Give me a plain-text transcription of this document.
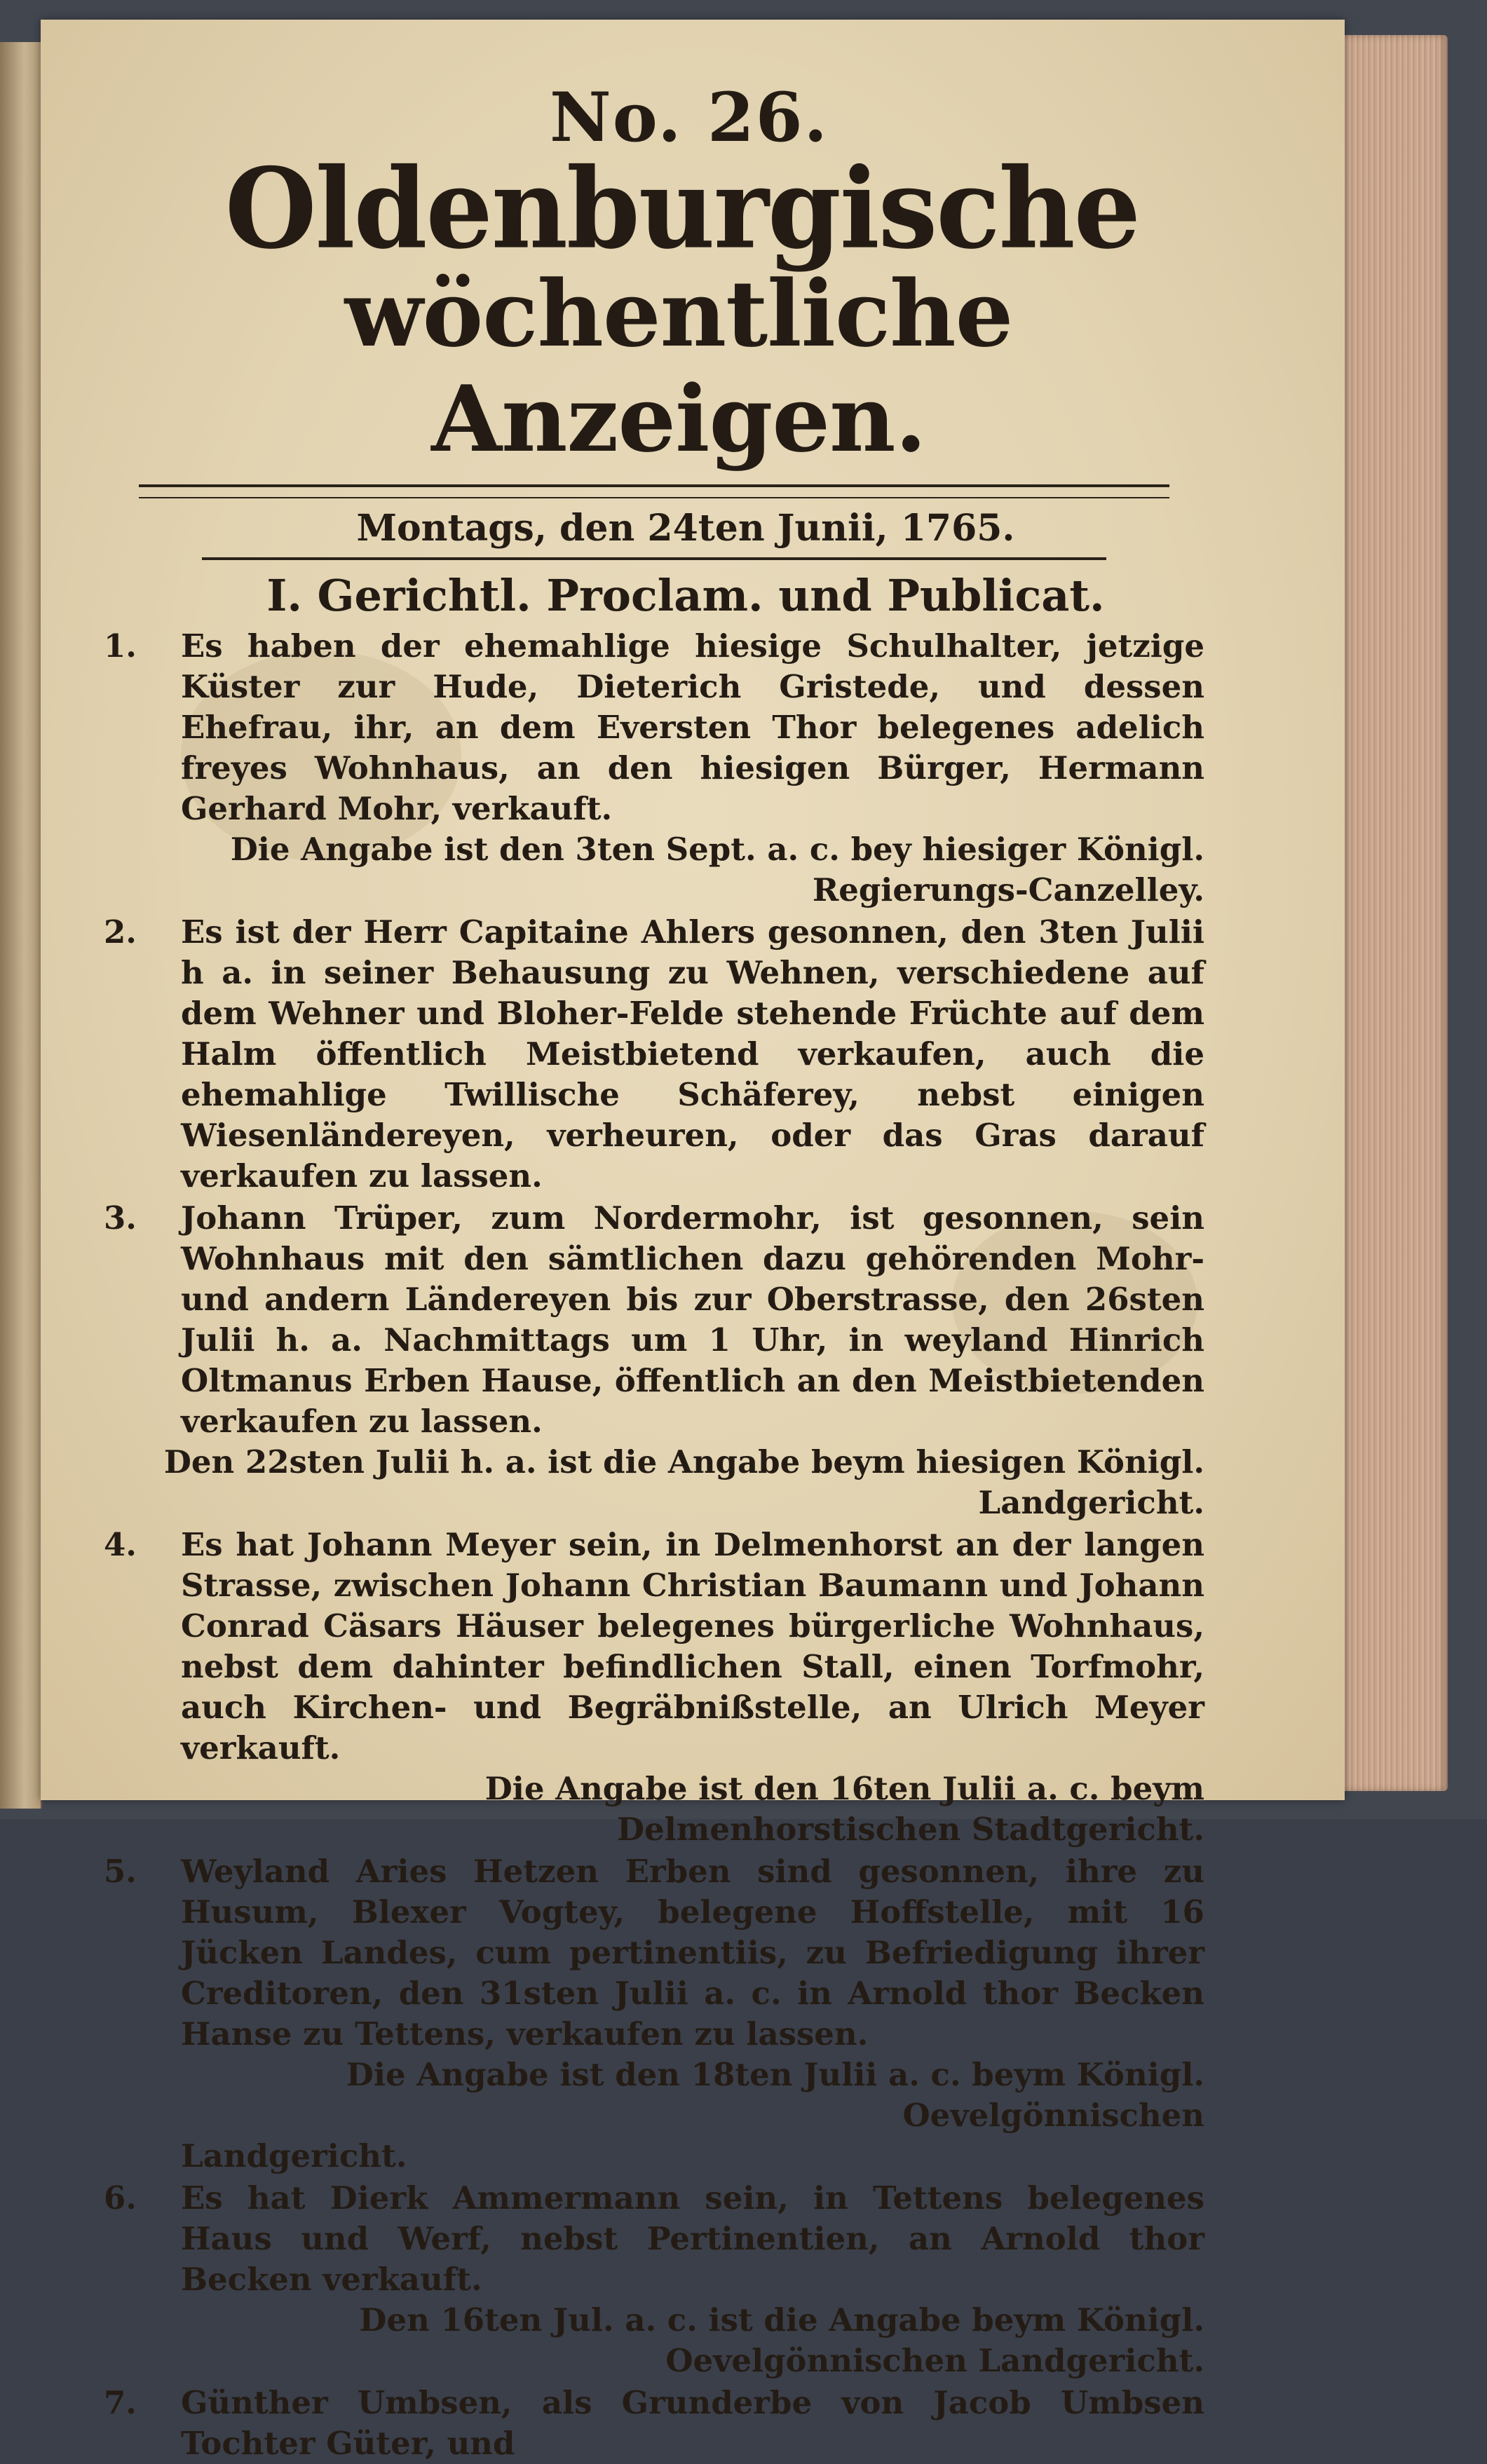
No. 26.
Oldenburgische
wöchentliche Anzeigen.
Montags, den 24ten Junii, 1765.
I. Gerichtl. Proclam. und Publicat.
1.	Es haben der ehemahlige hiesige Schulhalter, jetzige Küster zur Hude, Dieterich Gristede, und dessen Ehefrau, ihr, an dem Eversten Thor belegenes adelich freyes Wohnhaus, an den hiesigen Bürger, Hermann Gerhard Mohr, verkauft.
Die Angabe ist den 3ten Sept. a. c. bey hiesiger Königl. Regierungs-Canzelley.
2.	Es ist der Herr Capitaine Ahlers gesonnen, den 3ten Julii h a. in seiner Behausung zu Wehnen, verschiedene auf dem Wehner und Bloher-Felde stehende Früchte auf dem Halm öffentlich Meistbietend verkaufen, auch die ehemahlige Twillische Schäferey, nebst einigen Wiesenländereyen, verheuren, oder das Gras darauf verkaufen zu lassen.
3.	Johann Trüper, zum Nordermohr, ist gesonnen, sein Wohnhaus mit den sämtlichen dazu gehörenden Mohr- und andern Ländereyen bis zur Oberstrasse, den 26sten Julii h. a. Nachmittags um 1 Uhr, in weyland Hinrich Oltmanus Erben Hause, öffentlich an den Meistbietenden verkaufen zu lassen.
Den 22sten Julii h. a. ist die Angabe beym hiesigen Königl. Landgericht.
4.	Es hat Johann Meyer sein, in Delmenhorst an der langen Strasse, zwischen Johann Christian Baumann und Johann Conrad Cäsars Häuser belegenes bürgerliche Wohnhaus, nebst dem dahinter befindlichen Stall, einen Torfmohr, auch Kirchen- und Begräbnißstelle, an Ulrich Meyer verkauft.
Die Angabe ist den 16ten Julii a. c. beym Delmenhorstischen Stadtgericht.
5.	Weyland Aries Hetzen Erben sind gesonnen, ihre zu Husum, Blexer Vogtey, belegene Hoffstelle, mit 16 Jücken Landes, cum pertinentiis, zu Befriedigung ihrer Creditoren, den 31sten Julii a. c. in Arnold thor Becken Hanse zu Tettens, verkaufen zu lassen.
Die Angabe ist den 18ten Julii a. c. beym Königl. Oevelgönnischen
Landgericht.
6.	Es hat Dierk Ammermann sein, in Tettens belegenes Haus und Werf, nebst Pertinentien, an Arnold thor Becken verkauft.
Den 16ten Jul. a. c. ist die Angabe beym Königl. Oevelgönnischen Landgericht.
7.	Günther Umbsen, als Grunderbe von Jacob Umbsen Tochter Güter, und
